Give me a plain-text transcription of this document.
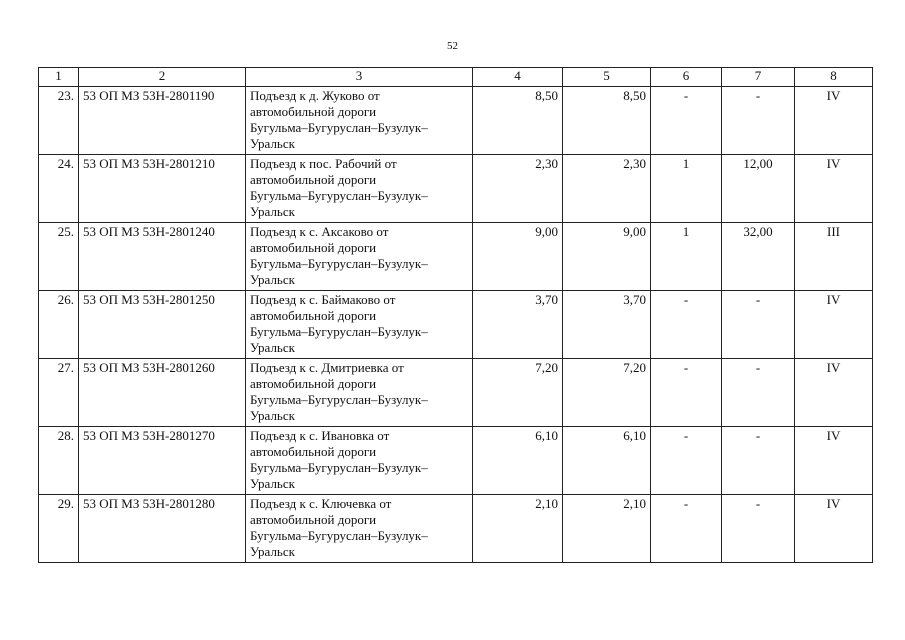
52
1	2	3	4	5	6	7	8
23.	53 ОП МЗ 53Н-2801190	Подъезд к д. Жуково от
автомобильной дороги
Бугульма–Бугуруслан–Бузулук–
Уральск	8,50	8,50	-	-	IV
24.	53 ОП МЗ 53Н-2801210	Подъезд к пос. Рабочий от
автомобильной дороги
Бугульма–Бугуруслан–Бузулук–
Уральск	2,30	2,30	1	12,00	IV
25.	53 ОП МЗ 53Н-2801240	Подъезд к с. Аксаково от
автомобильной дороги
Бугульма–Бугуруслан–Бузулук–
Уральск	9,00	9,00	1	32,00	III
26.	53 ОП МЗ 53Н-2801250	Подъезд к с. Баймаково от
автомобильной дороги
Бугульма–Бугуруслан–Бузулук–
Уральск	3,70	3,70	-	-	IV
27.	53 ОП МЗ 53Н-2801260	Подъезд к с. Дмитриевка от
автомобильной дороги
Бугульма–Бугуруслан–Бузулук–
Уральск	7,20	7,20	-	-	IV
28.	53 ОП МЗ 53Н-2801270	Подъезд к с. Ивановка от
автомобильной дороги
Бугульма–Бугуруслан–Бузулук–
Уральск	6,10	6,10	-	-	IV
29.	53 ОП МЗ 53Н-2801280	Подъезд к с. Ключевка от
автомобильной дороги
Бугульма–Бугуруслан–Бузулук–
Уральск	2,10	2,10	-	-	IV
